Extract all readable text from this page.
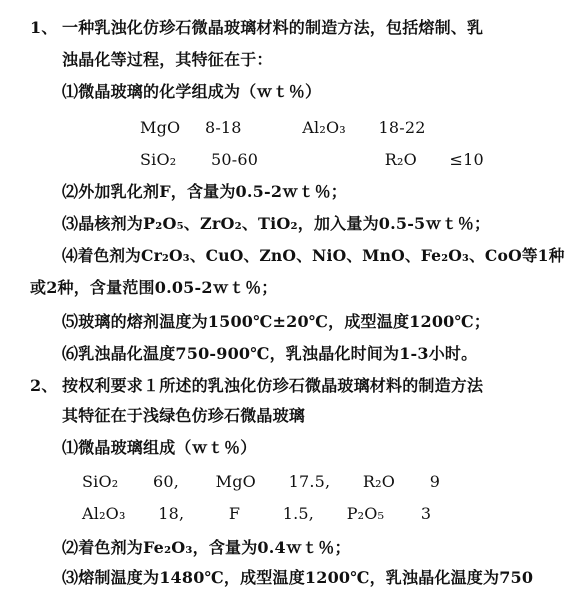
1、 一种乳浊化仿珍石微晶玻璃材料的制造方法，包括熔制、乳
浊晶化等过程，其特征在于：
⑴微晶玻璃的化学组成为（ｗｔ％）
MgO 8-18	Al₂O₃ 18-22
SiO₂ 50-60	R₂O ≤10
⑵外加乳化剂F，含量为0.5-2ｗｔ％；
⑶晶核剂为P₂O₅、ZrO₂、TiO₂，加入量为0.5-5ｗｔ％；
⑷着色剂为Cr₂O₃、CuO、ZnO、NiO、MnO、Fe₂O₃、CoO等1种
或2种，含量范围0.05-2ｗｔ％；
⑸玻璃的熔剂温度为1500℃±20℃，成型温度1200℃；
⑹乳浊晶化温度750-900℃，乳浊晶化时间为1-3小时。
2、 按权利要求１所述的乳浊化仿珍石微晶玻璃材料的制造方法
其特征在于浅绿色仿珍石微晶玻璃
⑴微晶玻璃组成（ｗｔ％）
SiO₂ 60, MgO 17.5, R₂O 9
Al₂O₃ 18,	F	1.5, P₂O₅ 3
⑵着色剂为Fe₂O₃，含量为0.4ｗｔ％；
⑶熔制温度为1480℃，成型温度1200℃，乳浊晶化温度为750
